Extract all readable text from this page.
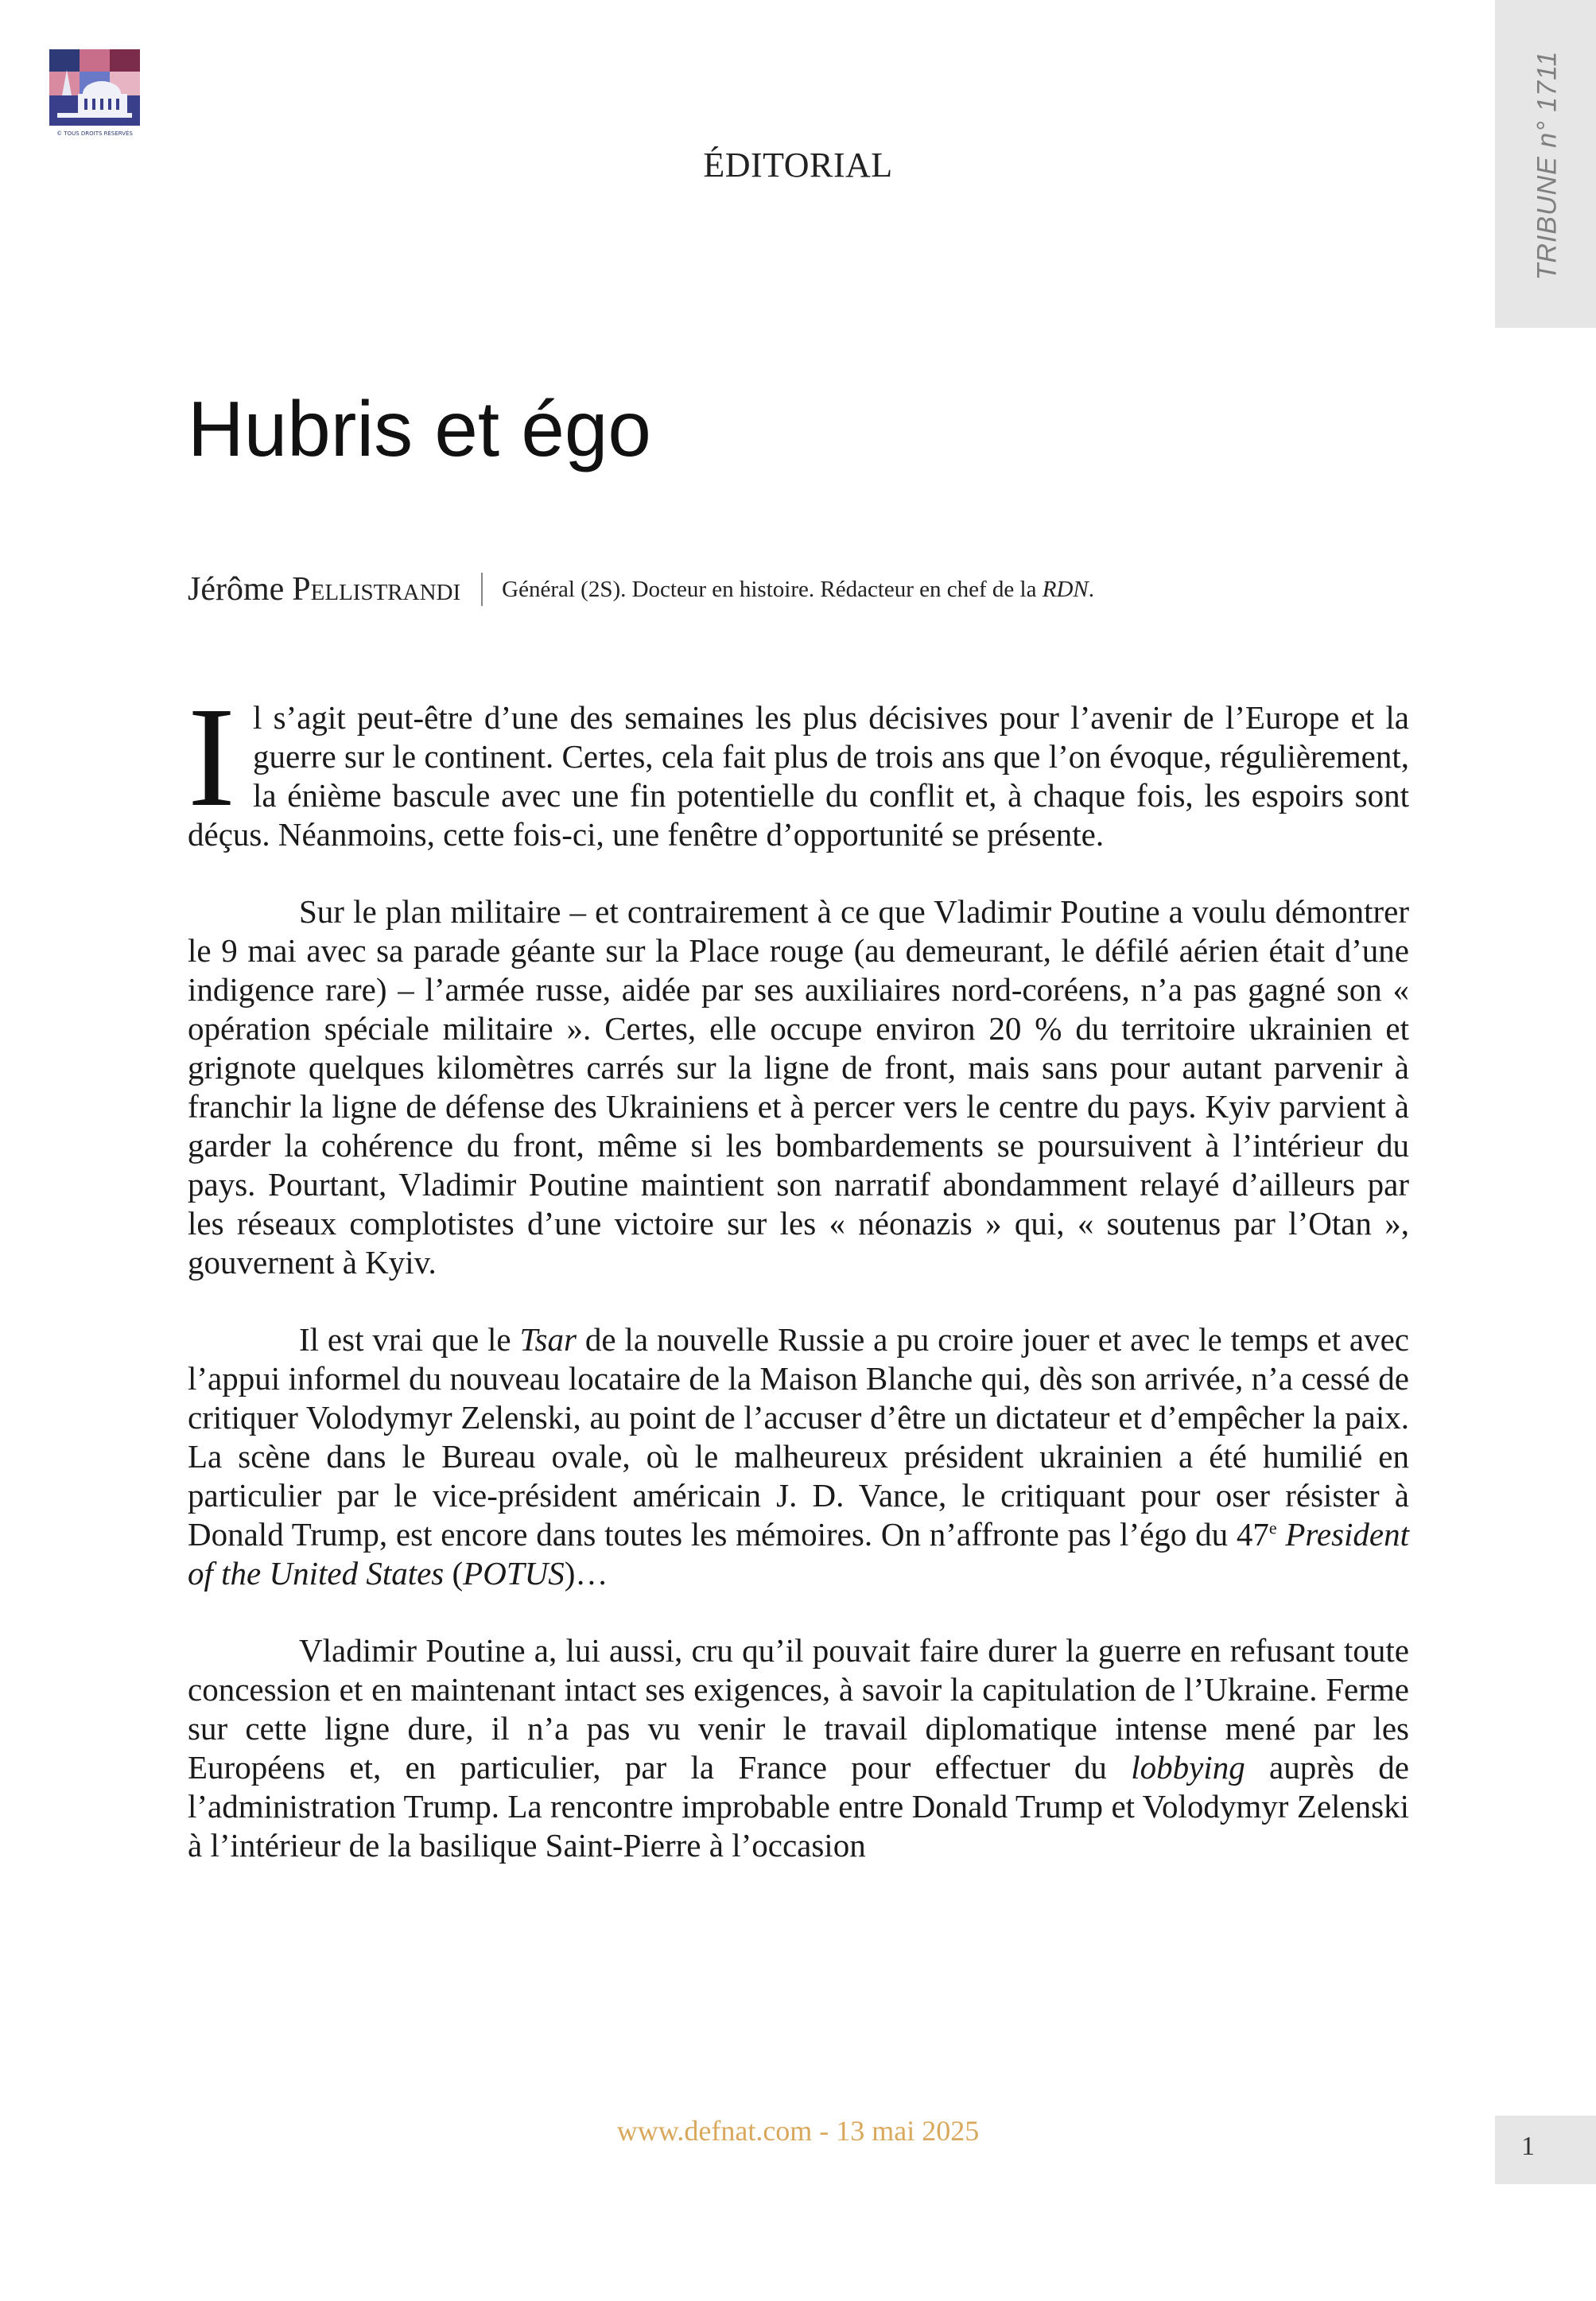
© TOUS DROITS RÉSERVÉS	TRIBUNE n° 1711
ÉDITORIAL
Hubris et égo
Jérôme Pellistrandi Général (2S). Docteur en histoire. Rédacteur en chef de la RDN.

Il s’agit peut-être d’une des semaines les plus décisives pour l’avenir de l’Europe et la guerre sur le continent. Certes, cela fait plus de trois ans que l’on évoque, régulièrement, la énième bascule avec une fin potentielle du conflit et, à chaque fois, les espoirs sont déçus. Néanmoins, cette fois-ci, une fenêtre d’opportunité se présente.

Sur le plan militaire – et contrairement à ce que Vladimir Poutine a voulu démontrer le 9 mai avec sa parade géante sur la Place rouge (au demeurant, le défilé aérien était d’une indigence rare) – l’armée russe, aidée par ses auxiliaires nord-coréens, n’a pas gagné son « opération spéciale militaire ». Certes, elle occupe environ 20 % du territoire ukrainien et grignote quelques kilomètres carrés sur la ligne de front, mais sans pour autant parvenir à franchir la ligne de défense des Ukrainiens et à percer vers le centre du pays. Kyiv parvient à garder la cohérence du front, même si les bombardements se poursuivent à l’intérieur du pays. Pourtant, Vladimir Poutine maintient son narratif abondamment relayé d’ailleurs par les réseaux complotistes d’une victoire sur les « néonazis » qui, « soutenus par l’Otan », gouvernent à Kyiv.

Il est vrai que le Tsar de la nouvelle Russie a pu croire jouer et avec le temps et avec l’appui informel du nouveau locataire de la Maison Blanche qui, dès son arrivée, n’a cessé de critiquer Volodymyr Zelenski, au point de l’accuser d’être un dictateur et d’empêcher la paix. La scène dans le Bureau ovale, où le malheureux président ukrainien a été humilié en particulier par le vice-président américain J. D. Vance, le critiquant pour oser résister à Donald Trump, est encore dans toutes les mémoires. On n’affronte pas l’égo du 47e President of the United States (POTUS)…

Vladimir Poutine a, lui aussi, cru qu’il pouvait faire durer la guerre en refusant toute concession et en maintenant intact ses exigences, à savoir la capitulation de l’Ukraine. Ferme sur cette ligne dure, il n’a pas vu venir le travail diplomatique intense mené par les Européens et, en particulier, par la France pour effectuer du lobbying auprès de l’administration Trump. La rencontre improbable entre Donald Trump et Volodymyr Zelenski à l’intérieur de la basilique Saint-Pierre à l’occasion

www.defnat.com - 13 mai 2025	1
